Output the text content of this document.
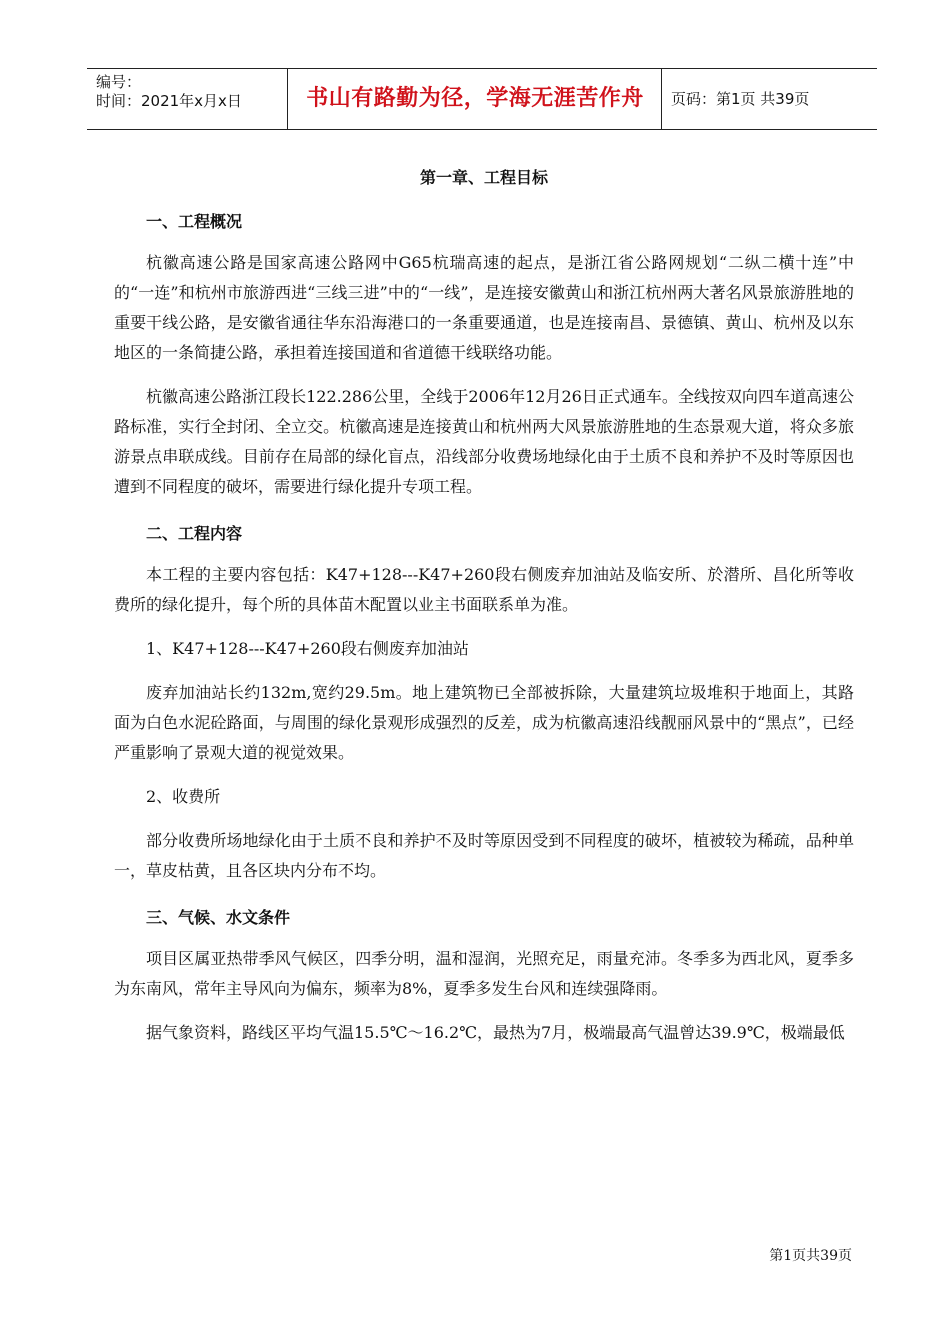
编号：
时间：2021年x月x日	书山有路勤为径，学海无涯苦作舟	页码：第1页 共39页
第一章、工程目标
一、工程概况

杭徽高速公路是国家高速公路网中G65杭瑞高速的起点，是浙江省公路网规划“二纵二横十连”中的“一连”和杭州市旅游西进“三线三进”中的“一线”，是连接安徽黄山和浙江杭州两大著名风景旅游胜地的重要干线公路，是安徽省通往华东沿海港口的一条重要通道，也是连接南昌、景德镇、黄山、杭州及以东地区的一条简捷公路，承担着连接国道和省道德干线联络功能。

杭徽高速公路浙江段长122.286公里，全线于2006年12月26日正式通车。全线按双向四车道高速公路标准，实行全封闭、全立交。杭徽高速是连接黄山和杭州两大风景旅游胜地的生态景观大道，将众多旅游景点串联成线。目前存在局部的绿化盲点，沿线部分收费场地绿化由于土质不良和养护不及时等原因也遭到不同程度的破坏，需要进行绿化提升专项工程。

二、工程内容

本工程的主要内容包括：K47+128---K47+260段右侧废弃加油站及临安所、於潜所、昌化所等收费所的绿化提升，每个所的具体苗木配置以业主书面联系单为准。

1、K47+128---K47+260段右侧废弃加油站

废弃加油站长约132m,宽约29.5m。地上建筑物已全部被拆除，大量建筑垃圾堆积于地面上，其路面为白色水泥砼路面，与周围的绿化景观形成强烈的反差，成为杭徽高速沿线靓丽风景中的“黑点”，已经严重影响了景观大道的视觉效果。

2、收费所

部分收费所场地绿化由于土质不良和养护不及时等原因受到不同程度的破坏，植被较为稀疏，品种单一，草皮枯黄，且各区块内分布不均。

三、气候、水文条件

项目区属亚热带季风气候区，四季分明，温和湿润，光照充足，雨量充沛。冬季多为西北风，夏季多为东南风，常年主导风向为偏东，频率为8%，夏季多发生台风和连续强降雨。

据气象资料，路线区平均气温15.5℃～16.2℃，最热为7月，极端最高气温曾达39.9℃，极端最低

第1页共39页
